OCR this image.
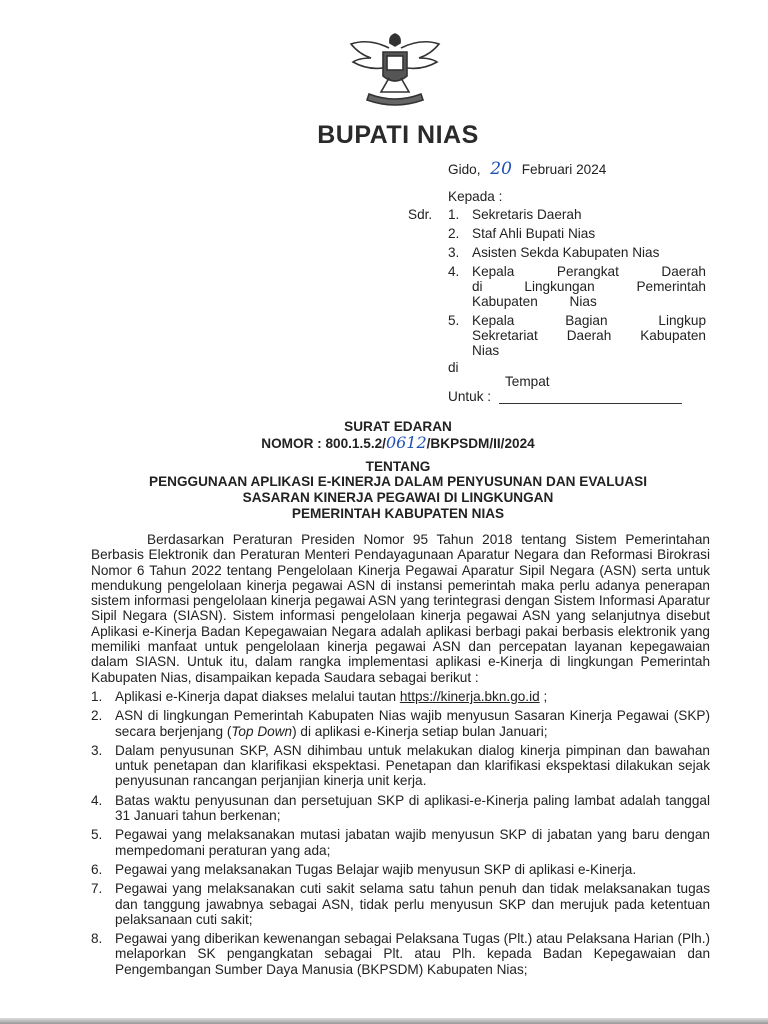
BUPATI NIAS
Gido, 20 Februari 2024
Kepada :
Sdr. 1. Sekretaris Daerah
2. Staf Ahli Bupati Nias
3. Asisten Sekda Kabupaten Nias
4. Kepala Perangkat Daerah di Lingkungan Pemerintah Kabupaten Nias
5. Kepala Bagian Lingkup Sekretariat Daerah Kabupaten Nias
di
Tempat
Untuk :
SURAT EDARAN
NOMOR : 800.1.5.2/0612/BKPSDM/II/2024
TENTANG
PENGGUNAAN APLIKASI E-KINERJA DALAM PENYUSUNAN DAN EVALUASI
SASARAN KINERJA PEGAWAI DI LINGKUNGAN
PEMERINTAH KABUPATEN NIAS

Berdasarkan Peraturan Presiden Nomor 95 Tahun 2018 tentang Sistem Pemerintahan Berbasis Elektronik dan Peraturan Menteri Pendayagunaan Aparatur Negara dan Reformasi Birokrasi Nomor 6 Tahun 2022 tentang Pengelolaan Kinerja Pegawai Aparatur Sipil Negara (ASN) serta untuk mendukung pengelolaan kinerja pegawai ASN di instansi pemerintah maka perlu adanya penerapan sistem informasi pengelolaan kinerja pegawai ASN yang terintegrasi dengan Sistem Informasi Aparatur Sipil Negara (SIASN). Sistem informasi pengelolaan kinerja pegawai ASN yang selanjutnya disebut Aplikasi e-Kinerja Badan Kepegawaian Negara adalah aplikasi berbagi pakai berbasis elektronik yang memiliki manfaat untuk pengelolaan kinerja pegawai ASN dan percepatan layanan kepegawaian dalam SIASN. Untuk itu, dalam rangka implementasi aplikasi e-Kinerja di lingkungan Pemerintah Kabupaten Nias, disampaikan kepada Saudara sebagai berikut :

1. Aplikasi e-Kinerja dapat diakses melalui tautan https://kinerja.bkn.go.id ;
2. ASN di lingkungan Pemerintah Kabupaten Nias wajib menyusun Sasaran Kinerja Pegawai (SKP) secara berjenjang (Top Down) di aplikasi e-Kinerja setiap bulan Januari;
3. Dalam penyusunan SKP, ASN dihimbau untuk melakukan dialog kinerja pimpinan dan bawahan untuk penetapan dan klarifikasi ekspektasi. Penetapan dan klarifikasi ekspektasi dilakukan sejak penyusunan rancangan perjanjian kinerja unit kerja.
4. Batas waktu penyusunan dan persetujuan SKP di aplikasi-e-Kinerja paling lambat adalah tanggal 31 Januari tahun berkenan;
5. Pegawai yang melaksanakan mutasi jabatan wajib menyusun SKP di jabatan yang baru dengan mempedomani peraturan yang ada;
6. Pegawai yang melaksanakan Tugas Belajar wajib menyusun SKP di aplikasi e-Kinerja.
7. Pegawai yang melaksanakan cuti sakit selama satu tahun penuh dan tidak melaksanakan tugas dan tanggung jawabnya sebagai ASN, tidak perlu menyusun SKP dan merujuk pada ketentuan pelaksanaan cuti sakit;
8. Pegawai yang diberikan kewenangan sebagai Pelaksana Tugas (Plt.) atau Pelaksana Harian (Plh.) melaporkan SK pengangkatan sebagai Plt. atau Plh. kepada Badan Kepegawaian dan Pengembangan Sumber Daya Manusia (BKPSDM) Kabupaten Nias;
